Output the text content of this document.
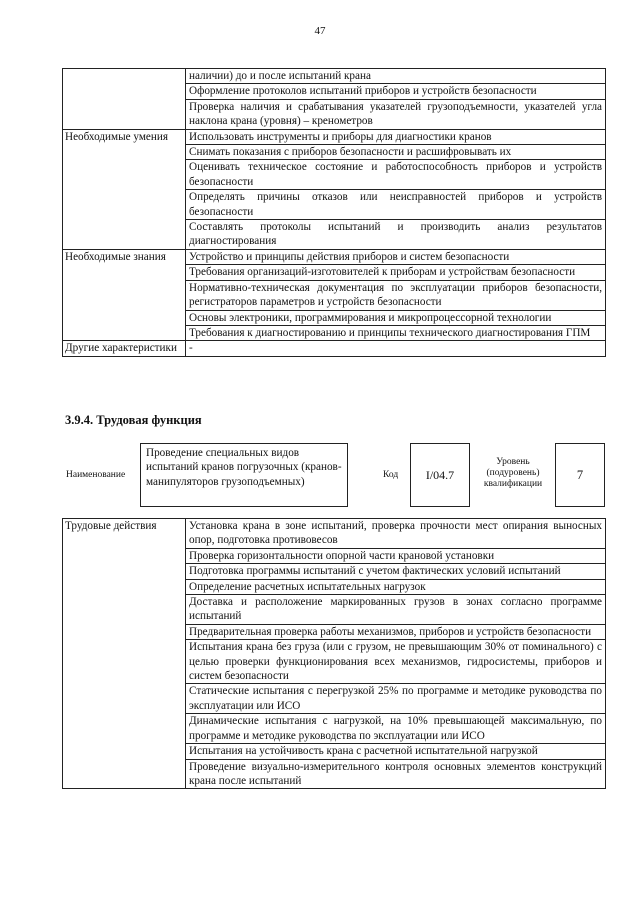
47
	наличии) до и после испытаний крана
	Оформление протоколов испытаний приборов и устройств безопасности
	Проверка наличия и срабатывания указателей грузоподъемности, указателей угла наклона крана (уровня) – кренометров
Необходимые умения	Использовать инструменты и приборы для диагностики кранов
	Снимать показания с приборов безопасности и расшифровывать их
	Оценивать техническое состояние и работоспособность приборов и устройств безопасности
	Определять причины отказов или неисправностей приборов и устройств безопасности
	Составлять протоколы испытаний и производить анализ результатов диагностирования
Необходимые знания	Устройство и принципы действия приборов и систем безопасности
	Требования организаций-изготовителей к приборам и устройствам безопасности
	Нормативно-техническая документация по эксплуатации приборов безопасности, регистраторов параметров и устройств безопасности
	Основы электроники, программирования и микропроцессорной технологии
	Требования к диагностированию и принципы технического диагностирования ГПМ
Другие характеристики	-
3.9.4. Трудовая функция
Наименование
Проведение специальных видов испытаний кранов погрузочных (кранов-манипуляторов грузоподъемных)
Код	I/04.7
Уровень (подуровень) квалификации
7
Трудовые действия	Установка крана в зоне испытаний, проверка прочности мест опирания выносных опор, подготовка противовесов
Проверка горизонтальности опорной части крановой установки
Подготовка программы испытаний с учетом фактических условий испытаний
Определение расчетных испытательных нагрузок
Доставка и расположение маркированных грузов в зонах согласно программе испытаний
Предварительная проверка работы механизмов, приборов и устройств безопасности
Испытания крана без груза (или с грузом, не превышающим 30% от поминального) с целью проверки функционирования всех механизмов, гидросистемы, приборов и систем безопасности
Статические испытания с перегрузкой 25% по программе и методике руководства по эксплуатации или ИСО
Динамические испытания с нагрузкой, на 10% превышающей максимальную, по программе и методике руководства по эксплуатации или ИСО
Испытания на устойчивость крана с расчетной испытательной нагрузкой
Проведение визуально-измерительного контроля основных элементов конструкций крана после испытаний
